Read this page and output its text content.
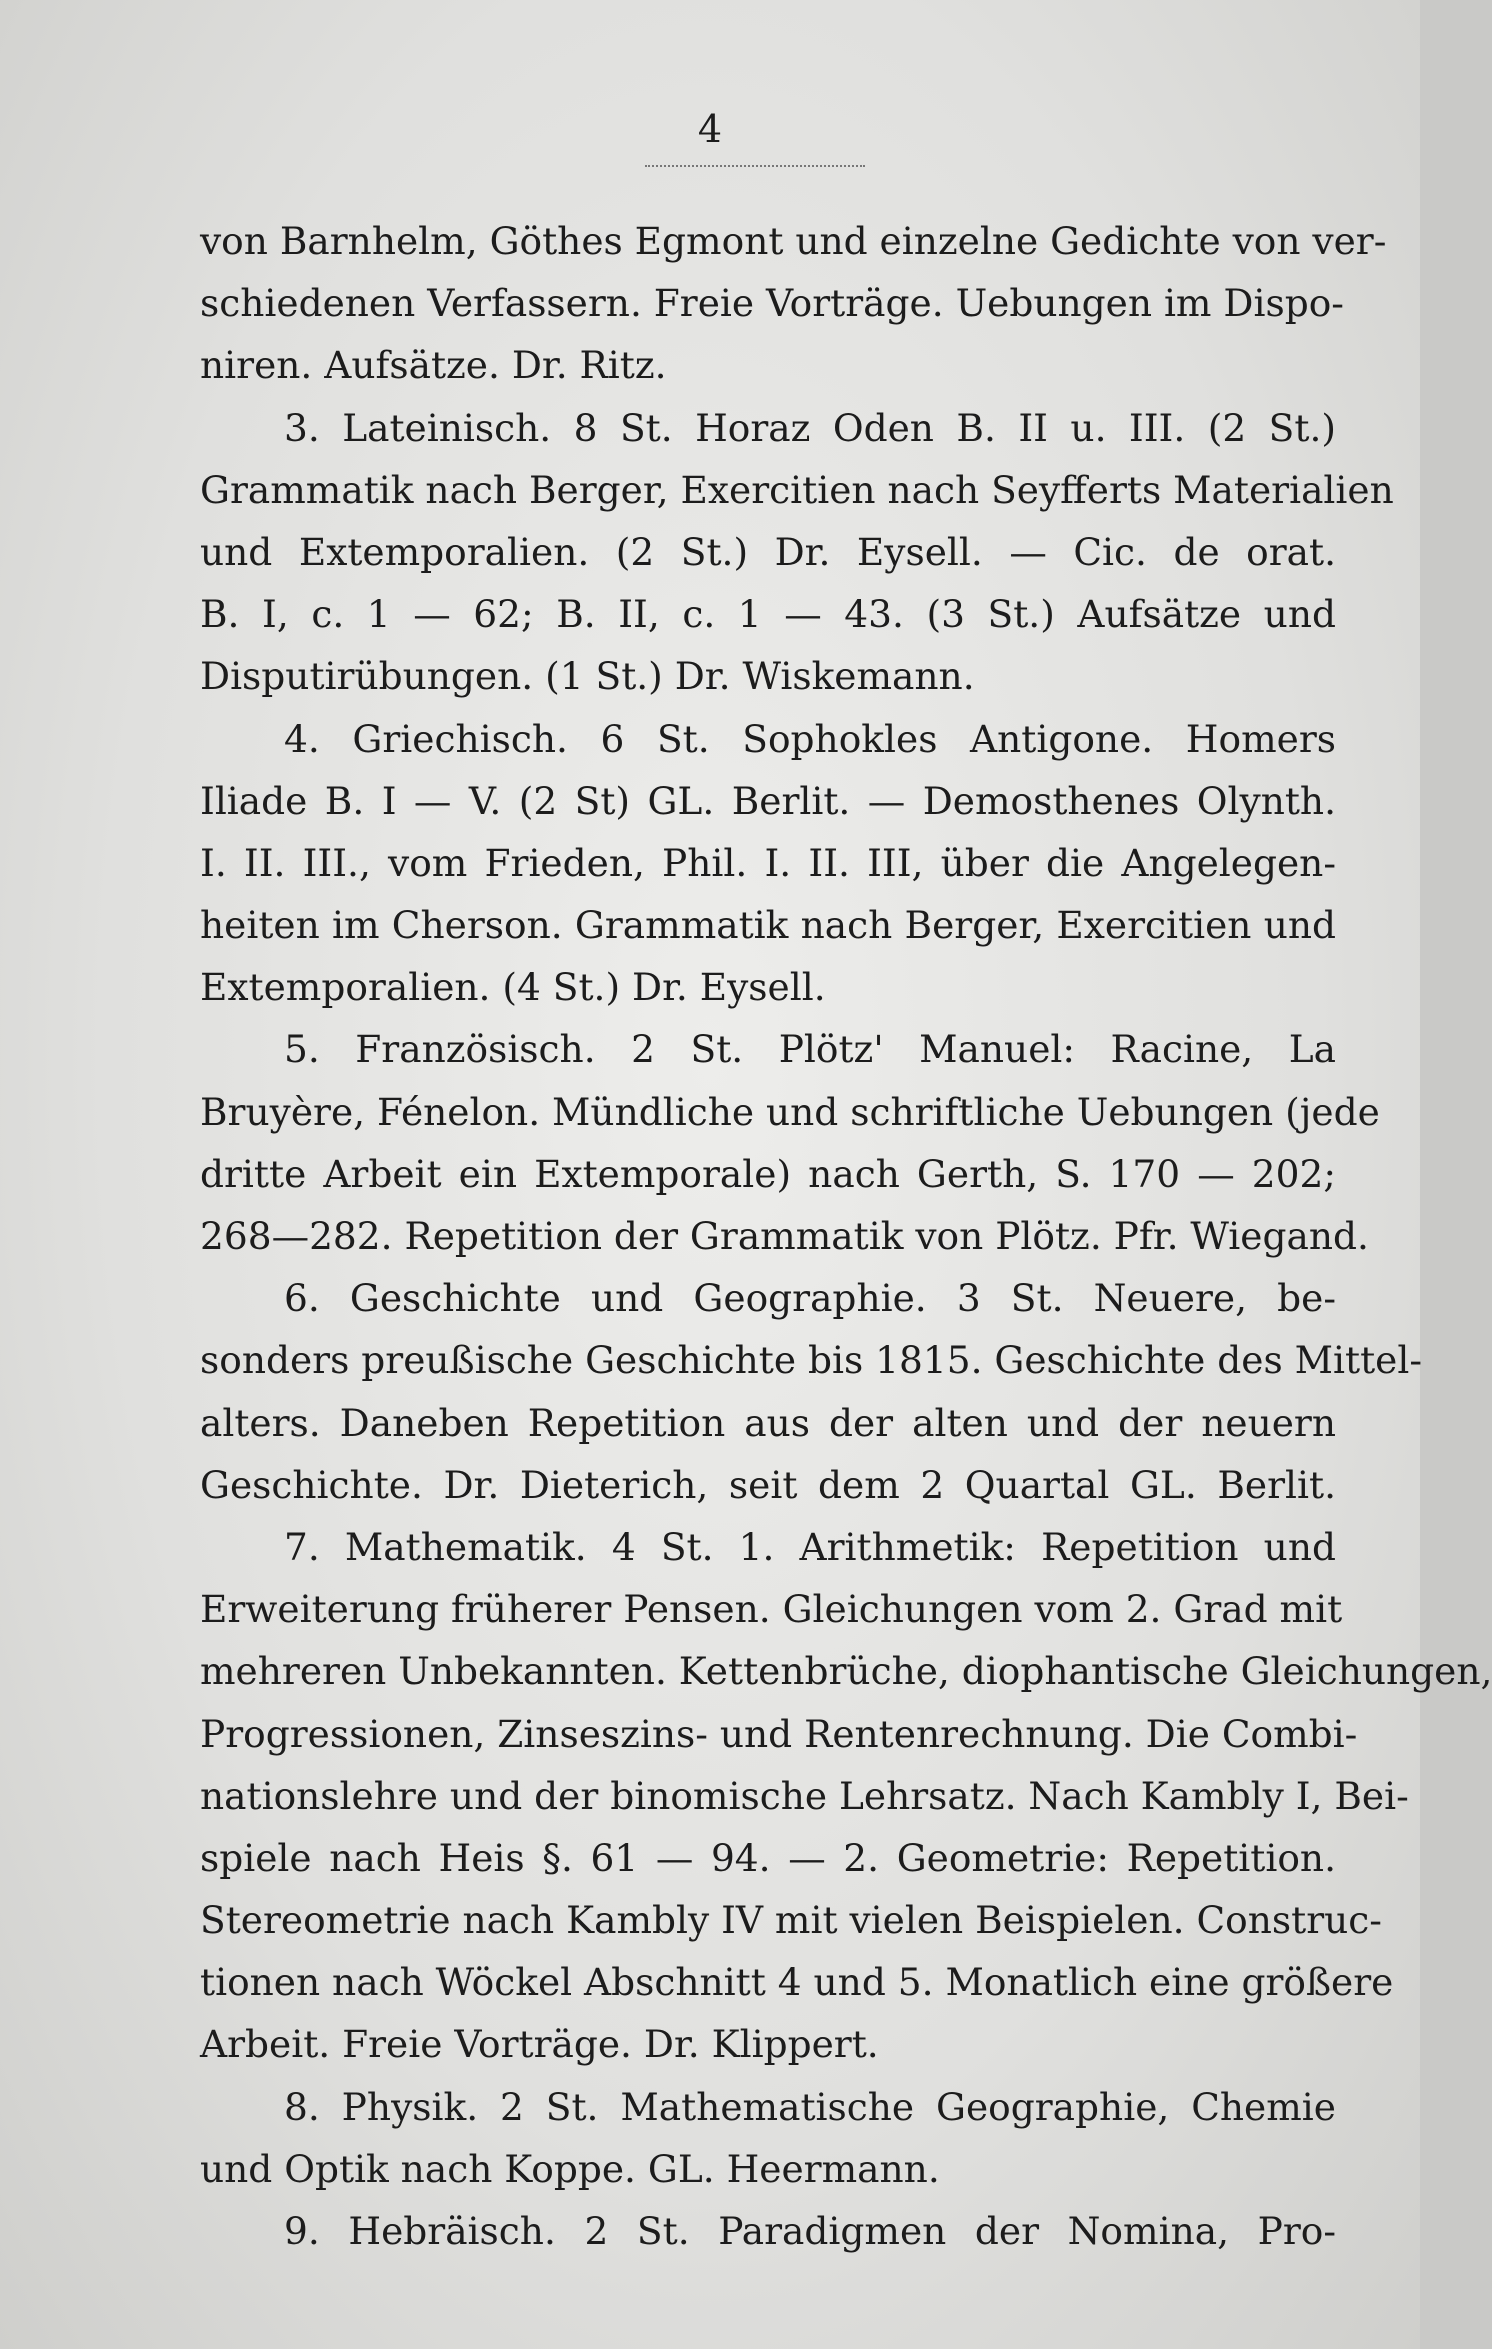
4
von Barnhelm, Göthes Egmont und einzelne Gedichte von ver-
schiedenen Verfassern. Freie Vorträge. Uebungen im Dispo-
niren. Aufsätze. Dr. Ritz.
3. Lateinisch. 8 St. Horaz Oden B. II u. III. (2 St.)
Grammatik nach Berger, Exercitien nach Seyfferts Materialien
und Extemporalien. (2 St.) Dr. Eysell. — Cic. de orat.
B. I, c. 1 — 62; B. II, c. 1 — 43. (3 St.) Aufsätze und
Disputirübungen. (1 St.) Dr. Wiskemann.
4. Griechisch. 6 St. Sophokles Antigone. Homers
Iliade B. I — V. (2 St) GL. Berlit. — Demosthenes Olynth.
I. II. III., vom Frieden, Phil. I. II. III, über die Angelegen-
heiten im Cherson. Grammatik nach Berger, Exercitien und
Extemporalien. (4 St.) Dr. Eysell.
5. Französisch. 2 St. Plötz' Manuel: Racine, La
Bruyère, Fénelon. Mündliche und schriftliche Uebungen (jede
dritte Arbeit ein Extemporale) nach Gerth, S. 170 — 202;
268—282. Repetition der Grammatik von Plötz. Pfr. Wiegand.
6. Geschichte und Geographie. 3 St. Neuere, be-
sonders preußische Geschichte bis 1815. Geschichte des Mittel-
alters. Daneben Repetition aus der alten und der neuern
Geschichte. Dr. Dieterich, seit dem 2 Quartal GL. Berlit.
7. Mathematik. 4 St. 1. Arithmetik: Repetition und
Erweiterung früherer Pensen. Gleichungen vom 2. Grad mit
mehreren Unbekannten. Kettenbrüche, diophantische Gleichungen,
Progressionen, Zinseszins- und Rentenrechnung. Die Combi-
nationslehre und der binomische Lehrsatz. Nach Kambly I, Bei-
spiele nach Heis §. 61 — 94. — 2. Geometrie: Repetition.
Stereometrie nach Kambly IV mit vielen Beispielen. Construc-
tionen nach Wöckel Abschnitt 4 und 5. Monatlich eine größere
Arbeit. Freie Vorträge. Dr. Klippert.
8. Physik. 2 St. Mathematische Geographie, Chemie
und Optik nach Koppe. GL. Heermann.
9. Hebräisch. 2 St. Paradigmen der Nomina, Pro-
